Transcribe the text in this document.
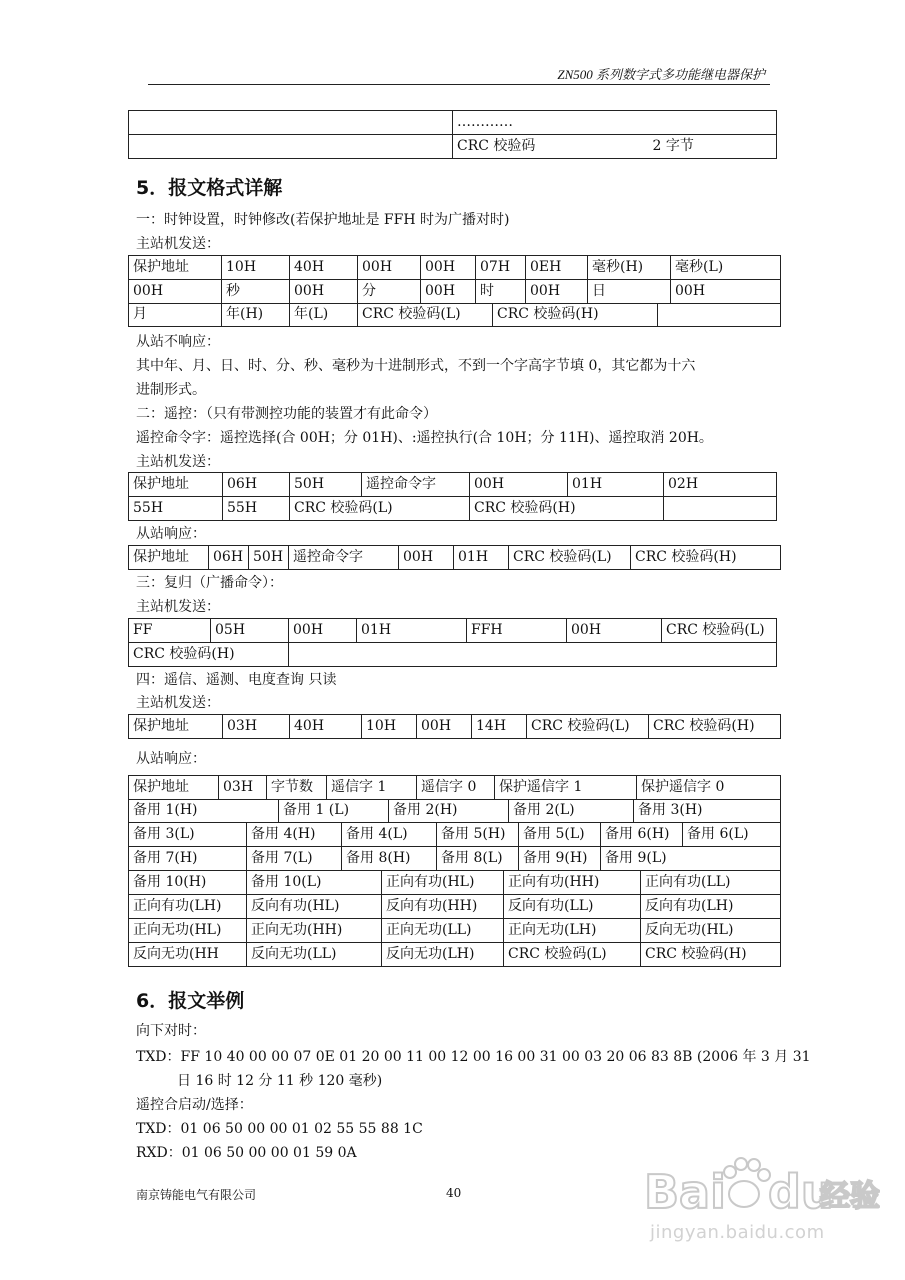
ZN500 系列数字式多功能继电器保护
	…………	
	CRC 校验码	2 字节
5．报文格式详解
一：时钟设置，时钟修改(若保护地址是 FFH 时为广播对时)
主站机发送：
保护地址	10H	40H	00H	00H	07H	0EH	毫秒(H)	毫秒(L)
00H	秒	00H	分	00H	时	00H	日	00H
月	年(H)	年(L)	CRC 校验码(L)	CRC 校验码(H)	
从站不响应：
其中年、月、日、时、分、秒、毫秒为十进制形式，不到一个字高字节填 0，其它都为十六
进制形式。
二：遥控：（只有带测控功能的装置才有此命令）
遥控命令字：遥控选择(合 00H；分 01H)、:遥控执行(合 10H；分 11H)、遥控取消 20H。
主站机发送：
保护地址	06H	50H	遥控命令字	00H	01H	02H
55H	55H	CRC 校验码(L)		CRC 校验码(H)		
从站响应：
保护地址	06H	50H	遥控命令字	00H	01H	CRC 校验码(L)	CRC 校验码(H)
三：复归（广播命令）：
主站机发送：
FF	05H	00H	01H	FFH	00H	CRC 校验码(L)
CRC 校验码(H)						
四：遥信、遥测、电度查询 只读
主站机发送：
保护地址	03H	40H	10H	00H	14H	CRC 校验码(L)	CRC 校验码(H)
从站响应：
保护地址	03H	字节数	遥信字 1	遥信字 0	保护遥信字 1	保护遥信字 0
备用 1(H)	备用 1 (L)	备用 2(H)	备用 2(L)	备用 3(H)
备用 3(L)	备用 4(H)	备用 4(L)	备用 5(H)	备用 5(L)	备用 6(H)	备用 6(L)
备用 7(H)	备用 7(L)	备用 8(H)	备用 8(L)	备用 9(H)	备用 9(L)
备用 10(H)	备用 10(L)	正向有功(HL)	正向有功(HH)	正向有功(LL)
正向有功(LH)	反向有功(HL)	反向有功(HH)	反向有功(LL)	反向有功(LH)
正向无功(HL)	正向无功(HH)	正向无功(LL)	正向无功(LH)	反向无功(HL)
反向无功(HH	反向无功(LL)	反向无功(LH)	CRC 校验码(L)	CRC 校验码(H)
6．报文举例
向下对时：
TXD：FF 10 40 00 00 07 0E 01 20 00 11 00 12 00 16 00 31 00 03 20 06 83 8B (2006 年 3 月 31
日 16 时 12 分 11 秒 120 毫秒)
遥控合启动/选择：
TXD：01 06 50 00 00 01 02 55 55 88 1C
RXD：01 06 50 00 00 01 59 0A
南京铸能电气有限公司	40	Bai du
经验
jingyan.baidu.com
